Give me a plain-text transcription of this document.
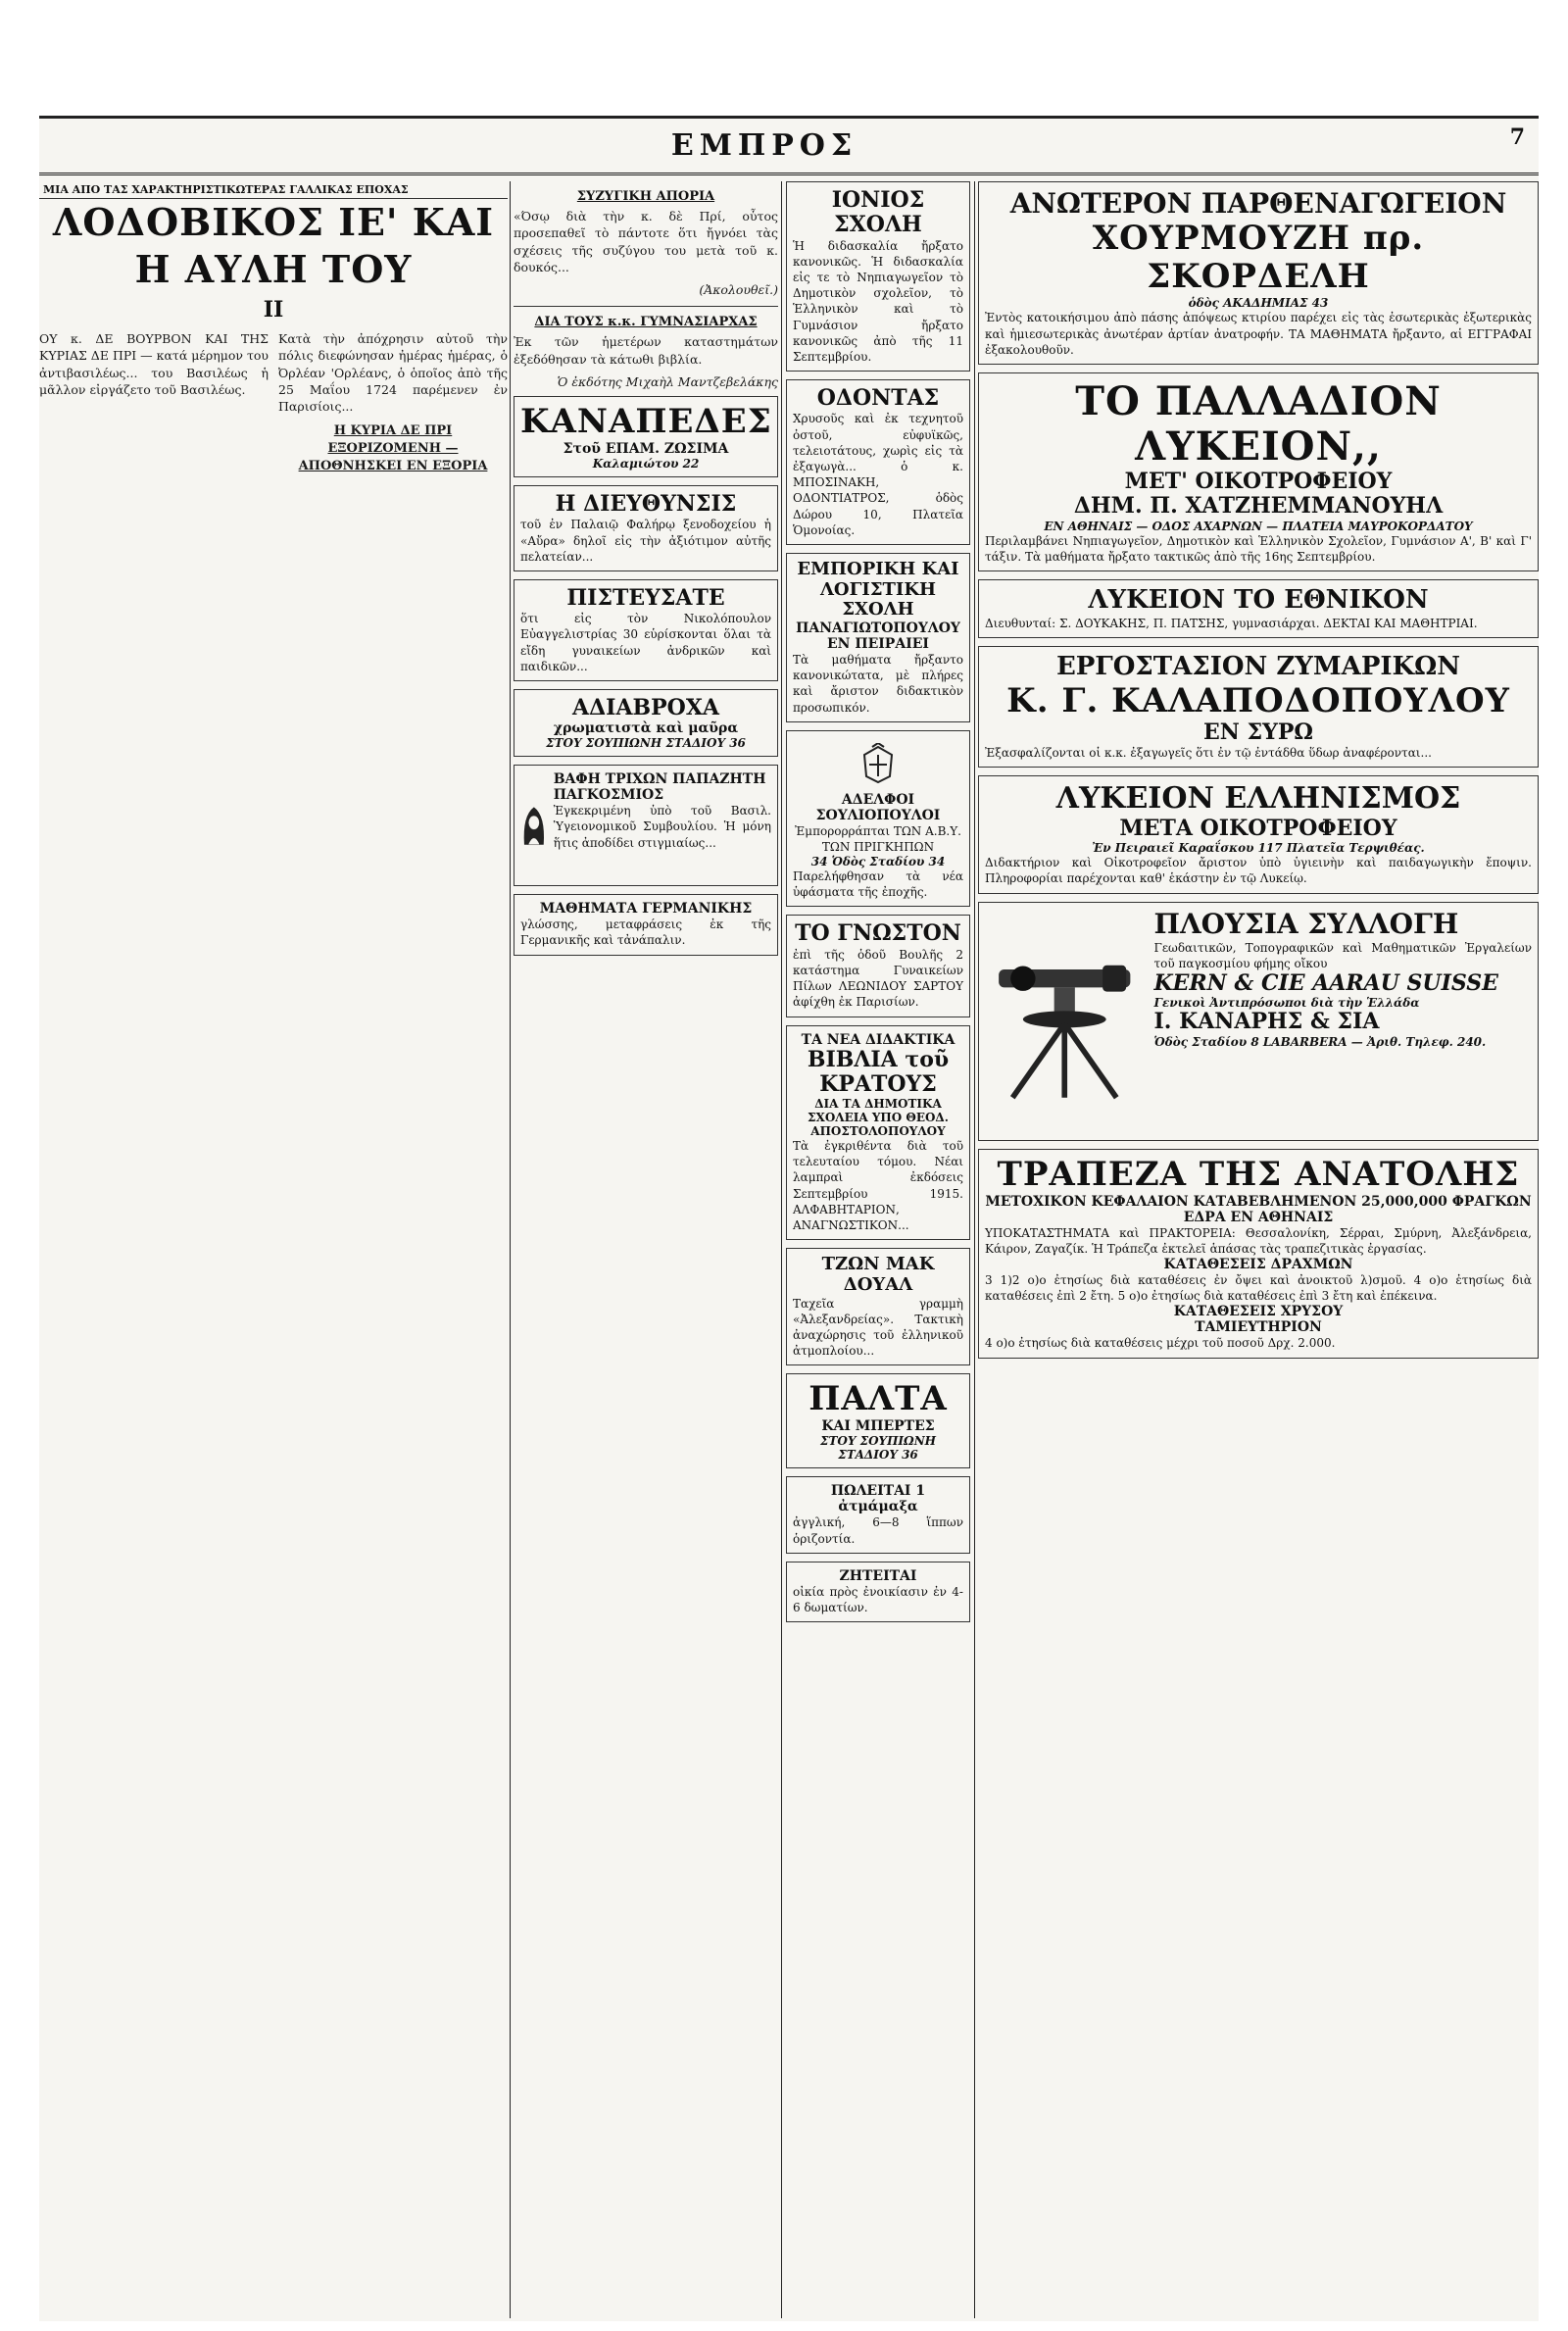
ΕΜΠΡΟΣ	7
ΜΙΑ ΑΠΟ ΤΑΣ ΧΑΡΑΚΤΗΡΙΣΤΙΚΩΤΕΡΑΣ ΓΑΛΛΙΚΑΣ ΕΠΟΧΑΣ
ΛΟΔΟΒΙΚΟΣ ΙΕ' ΚΑΙ Η ΑΥΛΗ ΤΟΥ
II

ΟΥ κ. ΔΕ ΒΟΥΡΒΟΝ ΚΑΙ ΤΗΣ ΚΥΡΙΑΣ ΔΕ ΠΡΙ — κατά μέρημον του ἀντιβασιλέως... του Βασιλέως ἡ μᾶλλον εἰργάζετο τοῦ Βασιλέως.

Κατὰ τὴν ἀπόχρησιν αὐτοῦ τὴν πόλις διεφώνησαν ἠμέρας ἡμέρας, ὁ Ὀρλέαν 'Ορλέανς, ὁ ὁποῖος ἀπὸ τῆς 25 Μαΐου 1724 παρέμενεν ἐν Παρισίοις...

Η ΚΥΡΙΑ ΔΕ ΠΡΙ ΕΞΟΡΙΖΟΜΕΝΗ — ΑΠΟΘΝΗΣΚΕΙ ΕΝ ΕΞΟΡΙΑ
ΣΥΖΥΓΙΚΗ ΑΠΟΡΙΑ

«Όσῳ διὰ τὴν κ. δὲ Πρί, οὗτος προσεπαθεῖ τὸ πάντοτε ὅτι ἤγνόει τὰς σχέσεις τῆς συζύγου του μετὰ τοῦ κ. δουκός...

(Ἀκολουθεῖ.)

ΔΙΑ ΤΟΥΣ κ.κ. ΓΥΜΝΑΣΙΑΡΧΑΣ

Ἐκ τῶν ἡμετέρων καταστημάτων ἐξεδόθησαν τὰ κάτωθι βιβλία.

Ὁ ἐκδότης Μιχαὴλ Μαντζεβελάκης

ΚΑΝΑΠΕΔΕΣ
Στοῦ ΕΠΑΜ. ΖΩΣΙΜΑ
Καλαμιώτου 22
Η ΔΙΕΥΘΥΝΣΙΣ
τοῦ ἐν Παλαιῷ Φαλήρῳ ξενοδοχείου ἡ «Αὔρα» δηλοῖ εἰς τὴν ἀξιότιμον αὐτῆς πελατείαν...
ΠΙΣΤΕΥΣΑΤΕ
ὅτι εἰς τὸν Νικολόπουλον Εὐαγγελιστρίας 30 εὑρίσκονται ὅλαι τὰ εἴδη γυναικείων ἀνδρικῶν καὶ παιδικῶν...
ΑΔΙΑΒΡΟΧΑ
χρωματιστὰ καὶ μαῦρα
ΣΤΟΥ ΣΟΥΠΙΩΝΗ ΣΤΑΔΙΟΥ 36
ΒΑΦΗ ΤΡΙΧΩΝ ΠΑΠΑΖΗΤΗ ΠΑΓΚΟΣΜΙΟΣ
Ἐγκεκριμένη ὑπὸ τοῦ Βασιλ. Ὑγειονομικοῦ Συμβουλίου. Ἡ μόνη ἥτις ἀποδίδει στιγμιαίως...
ΜΑΘΗΜΑΤΑ ΓΕΡΜΑΝΙΚΗΣ
γλώσσης, μεταφράσεις ἐκ τῆς Γερμανικῆς καὶ τἀνάπαλιν.
ΙΟΝΙΟΣ ΣΧΟΛΗ
Ἡ διδασκαλία ἤρξατο κανονικῶς. Ἡ διδασκαλία εἰς τε τὸ Νηπιαγωγεῖον τὸ Δημοτικὸν σχολεῖον, τὸ Ἑλληνικὸν καὶ τὸ Γυμνάσιον ἤρξατο κανονικῶς ἀπὸ τῆς 11 Σεπτεμβρίου.
ΟΔΟΝΤΑΣ
Χρυσοῦς καὶ ἐκ τεχνητοῦ ὀστοῦ, εὐφυϊκῶς, τελειοτάτους, χωρὶς εἰς τὰ ἐξαγωγὰ... ὁ κ. ΜΠΟΣΙΝΑΚΗ, ΟΔΟΝΤΙΑΤΡΟΣ, ὁδὸς Δώρου 10, Πλατεῖα Ὁμονοίας.
ΕΜΠΟΡΙΚΗ ΚΑΙ ΛΟΓΙΣΤΙΚΗ ΣΧΟΛΗ
ΠΑΝΑΓΙΩΤΟΠΟΥΛΟΥ ΕΝ ΠΕΙΡΑΙΕΙ
Τὰ μαθήματα ἤρξαντο κανονικώτατα, μὲ πλήρες καὶ ἄριστον διδακτικὸν προσωπικόν.
ΑΔΕΛΦΟΙ ΣΟΥΛΙΟΠΟΥΛΟΙ
Ἐμπορορράπται ΤΩΝ Α.Β.Υ. ΤΩΝ ΠΡΙΓΚΗΠΩΝ
34 Ὁδὸς Σταδίου 34
Παρελήφθησαν τὰ νέα ὑφάσματα τῆς ἐποχῆς.
ΤΟ ΓΝΩΣΤΟΝ
ἐπὶ τῆς ὁδοῦ Βουλῆς 2 κατάστημα Γυναικείων Πίλων ΛΕΩΝΙΔΟΥ ΣΑΡΤΟΥ ἀφίχθη ἐκ Παρισίων.
ΤΑ ΝΕΑ ΔΙΔΑΚΤΙΚΑ
ΒΙΒΛΙΑ τοῦ ΚΡΑΤΟΥΣ
ΔΙΑ ΤΑ ΔΗΜΟΤΙΚΑ ΣΧΟΛΕΙΑ ΥΠΟ ΘΕΟΔ. ΑΠΟΣΤΟΛΟΠΟΥΛΟΥ
Τὰ ἐγκριθέντα διὰ τοῦ τελευταίου τόμου. Νέαι λαμπραὶ ἐκδόσεις Σεπτεμβρίου 1915. ΑΛΦΑΒΗΤΑΡΙΟΝ, ΑΝΑΓΝΩΣΤΙΚΟΝ...
ΤΖΩΝ ΜΑΚ ΔΟΥΑΛ
Ταχεῖα γραμμὴ «Ἀλεξανδρείας». Τακτικὴ ἀναχώρησις τοῦ ἐλληνικοῦ ἀτμοπλοίου...
ΠΑΛΤΑ
ΚΑΙ ΜΠΕΡΤΕΣ
ΣΤΟΥ ΣΟΥΠΙΩΝΗ ΣΤΑΔΙΟΥ 36
ΠΩΛΕΙΤΑΙ 1 ἀτμάμαξα
ἀγγλική, 6—8 ἵππων ὁριζοντία.
ΖΗΤΕΙΤΑΙ
οἰκία πρὸς ἐνοικίασιν ἐν 4-6 δωματίων.
ΑΝΩΤΕΡΟΝ ΠΑΡΘΕΝΑΓΩΓΕΙΟΝ
ΧΟΥΡΜΟΥΖΗ πρ. ΣΚΟΡΔΕΛΗ
ὁδὸς ΑΚΑΔΗΜΙΑΣ 43
Ἐντὸς κατοικήσιμου ἀπὸ πάσης ἀπόψεως κτιρίου παρέχει εἰς τὰς ἐσωτερικὰς ἐξωτερικὰς καὶ ἡμιεσωτερικὰς ἀνωτέραν ἀρτίαν ἀνατροφήν. ΤΑ ΜΑΘΗΜΑΤΑ ἤρξαντο, αἱ ΕΓΓΡΑΦΑΙ ἐξακολουθοῦν.
ΤΟ ΠΑΛΛΑΔΙΟΝ ΛΥΚΕΙΟΝ,,
ΜΕΤ' ΟΙΚΟΤΡΟΦΕΙΟΥ
ΔΗΜ. Π. ΧΑΤΖΗΕΜΜΑΝΟΥΗΛ
ΕΝ ΑΘΗΝΑΙΣ — ΟΔΟΣ ΑΧΑΡΝΩΝ — ΠΛΑΤΕΙΑ ΜΑΥΡΟΚΟΡΔΑΤΟΥ
Περιλαμβάνει Νηπιαγωγεῖον, Δημοτικὸν καὶ Ἑλληνικὸν Σχολεῖον, Γυμνάσιον Α', Β' καὶ Γ' τάξιν. Τὰ μαθήματα ἤρξατο τακτικῶς ἀπὸ τῆς 16ης Σεπτεμβρίου.
ΛΥΚΕΙΟΝ ΤΟ ΕΘΝΙΚΟΝ
Διευθυνταί: Σ. ΔΟΥΚΑΚΗΣ, Π. ΠΑΤΣΗΣ, γυμνασιάρχαι. ΔΕΚΤΑΙ ΚΑΙ ΜΑΘΗΤΡΙΑΙ.
ΕΡΓΟΣΤΑΣΙΟΝ ΖΥΜΑΡΙΚΩΝ
Κ. Γ. ΚΑΛΑΠΟΔΟΠΟΥΛΟΥ
ΕΝ ΣΥΡΩ
Ἐξασφαλίζονται οἱ κ.κ. ἐξαγωγεῖς ὅτι ἐν τῷ ἐντάδθα ὕδωρ ἀναφέρονται...
ΛΥΚΕΙΟΝ ΕΛΛΗΝΙΣΜΟΣ
ΜΕΤΑ ΟΙΚΟΤΡΟΦΕΙΟΥ
Ἐν Πειραιεῖ Καραΐσκου 117 Πλατεῖα Τερψιθέας.
Διδακτήριον καὶ Οἰκοτροφεῖον ἄριστον ὑπὸ ὑγιεινὴν καὶ παιδαγωγικὴν ἔποψιν. Πληροφορίαι παρέχονται καθ' ἑκάστην ἐν τῷ Λυκείῳ.
ΠΛΟΥΣΙΑ ΣΥΛΛΟΓΗ
Γεωδαιτικῶν, Τοπογραφικῶν καὶ Μαθηματικῶν Ἐργαλείων τοῦ παγκοσμίου φήμης οἴκου
KERN & CIE AARAU SUISSE
Γενικοὶ Ἀντιπρόσωποι διὰ τὴν Ἑλλάδα
Ι. ΚΑΝΑΡΗΣ & ΣΙΑ
Ὁδὸς Σταδίου 8 LABARBERA — Ἀριθ. Τηλεφ. 240.
ΤΡΑΠΕΖΑ ΤΗΣ ΑΝΑΤΟΛΗΣ
ΜΕΤΟΧΙΚΟΝ ΚΕΦΑΛΑΙΟΝ ΚΑΤΑΒΕΒΛΗΜΕΝΟΝ 25,000,000 ΦΡΑΓΚΩΝ
ΕΔΡΑ ΕΝ ΑΘΗΝΑΙΣ
ΥΠΟΚΑΤΑΣΤΗΜΑΤΑ καὶ ΠΡΑΚΤΟΡΕΙΑ: Θεσσαλονίκη, Σέρραι, Σμύρνη, Ἀλεξάνδρεια, Κάιρον, Ζαγαζίκ. Ἡ Τράπεζα ἐκτελεῖ ἁπάσας τὰς τραπεζιτικὰς ἐργασίας.
ΚΑΤΑΘΕΣΕΙΣ ΔΡΑΧΜΩΝ
3 1)2 ο)ο ἐτησίως διὰ καταθέσεις ἐν ὄψει καὶ ἀνοικτοῦ λ)σμοῦ. 4 ο)ο ἐτησίως διὰ καταθέσεις ἐπὶ 2 ἔτη. 5 ο)ο ἐτησίως διὰ καταθέσεις ἐπὶ 3 ἔτη καὶ ἐπέκεινα.
ΚΑΤΑΘΕΣΕΙΣ ΧΡΥΣΟΥ
ΤΑΜΙΕΥΤΗΡΙΟΝ
4 ο)ο ἐτησίως διὰ καταθέσεις μέχρι τοῦ ποσοῦ Δρχ. 2.000.
